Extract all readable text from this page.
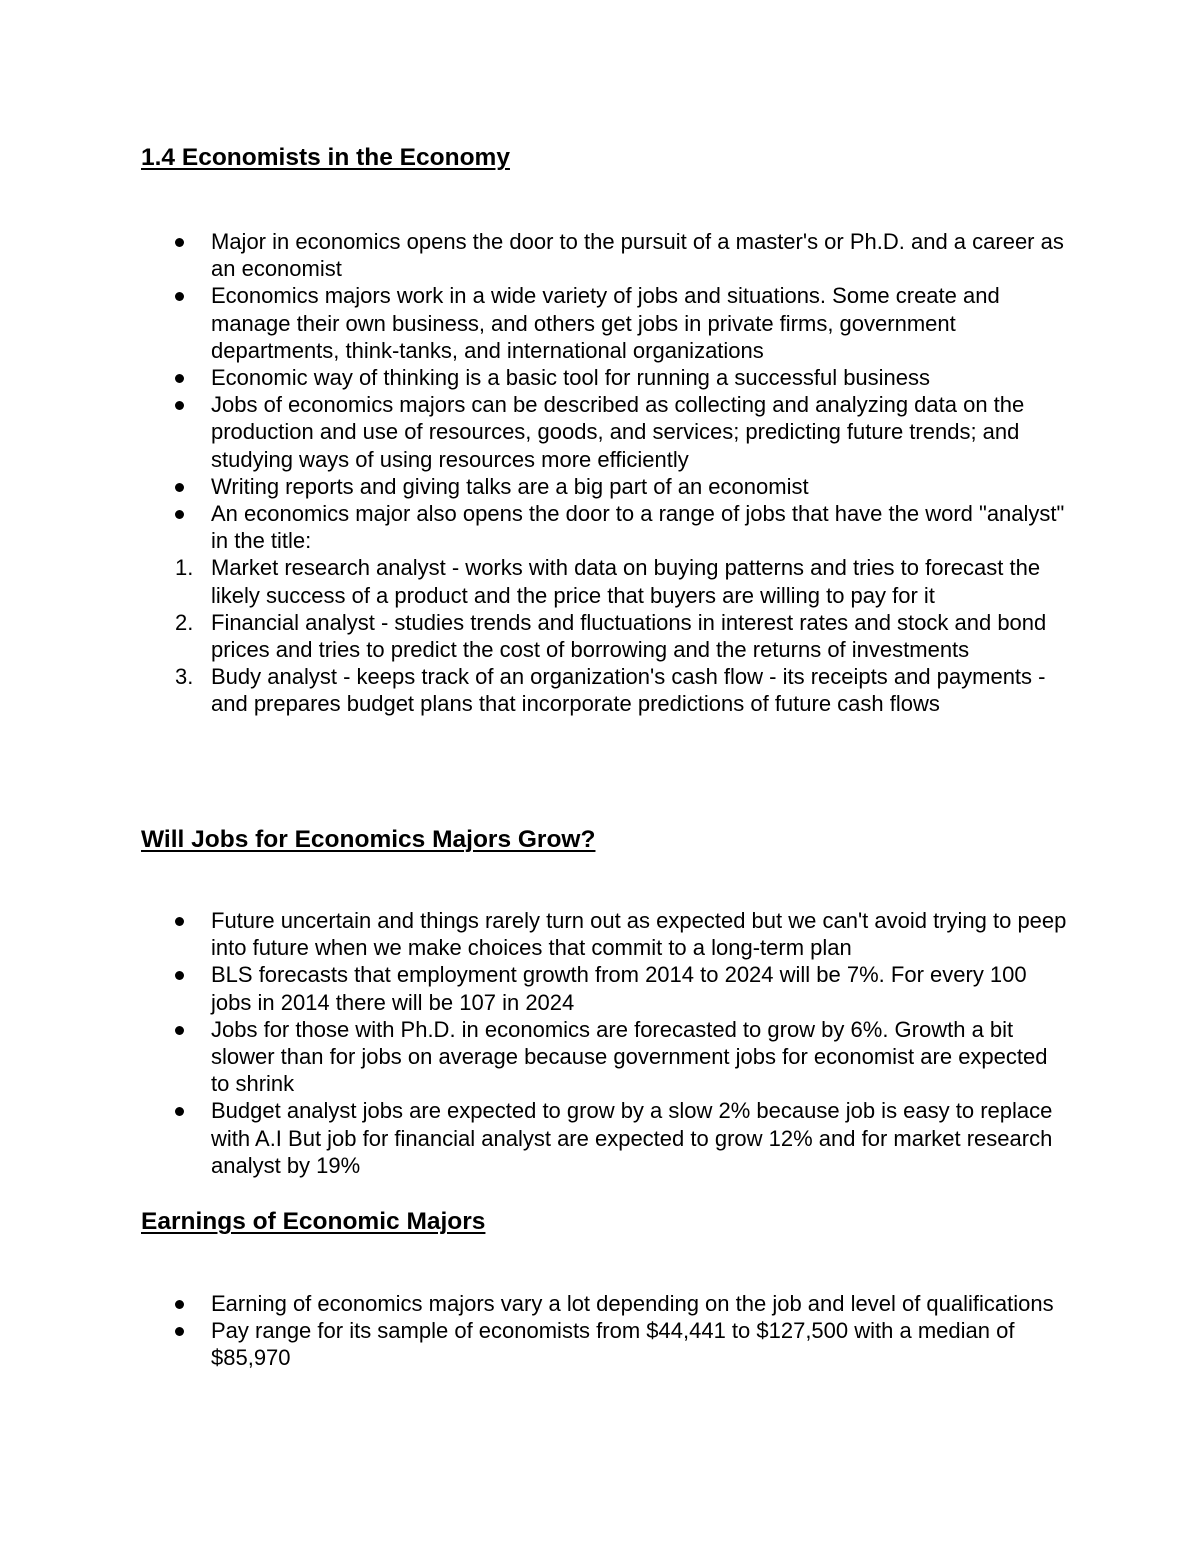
1.4 Economists in the Economy
Major in economics opens the door to the pursuit of a master's or Ph.D. and a career as an economist
Economics majors work in a wide variety of jobs and situations. Some create and manage their own business, and others get jobs in private firms, government departments, think-tanks, and international organizations
Economic way of thinking is a basic tool for running a successful business
Jobs of economics majors can be described as collecting and analyzing data on the production and use of resources, goods, and services; predicting future trends; and studying ways of using resources more efficiently
Writing reports and giving talks are a big part of an economist
An economics major also opens the door to a range of jobs that have the word "analyst" in the title:
1. Market research analyst - works with data on buying patterns and tries to forecast the likely success of a product and the price that buyers are willing to pay for it
2. Financial analyst - studies trends and fluctuations in interest rates and stock and bond prices and tries to predict the cost of borrowing and the returns of investments
3. Budy analyst - keeps track of an organization's cash flow - its receipts and payments - and prepares budget plans that incorporate predictions of future cash flows
Will Jobs for Economics Majors Grow?
Future uncertain and things rarely turn out as expected but we can't avoid trying to peep into future when we make choices that commit to a long-term plan
BLS forecasts that employment growth from 2014 to 2024 will be 7%. For every 100 jobs in 2014 there will be 107 in 2024
Jobs for those with Ph.D. in economics are forecasted to grow by 6%. Growth a bit slower than for jobs on average because government jobs for economist are expected to shrink
Budget analyst jobs are expected to grow by a slow 2% because job is easy to replace with A.I But job for financial analyst are expected to grow 12% and for market research analyst by 19%
Earnings of Economic Majors
Earning of economics majors vary a lot depending on the job and level of qualifications
Pay range for its sample of economists from $44,441 to $127,500 with a median of $85,970
